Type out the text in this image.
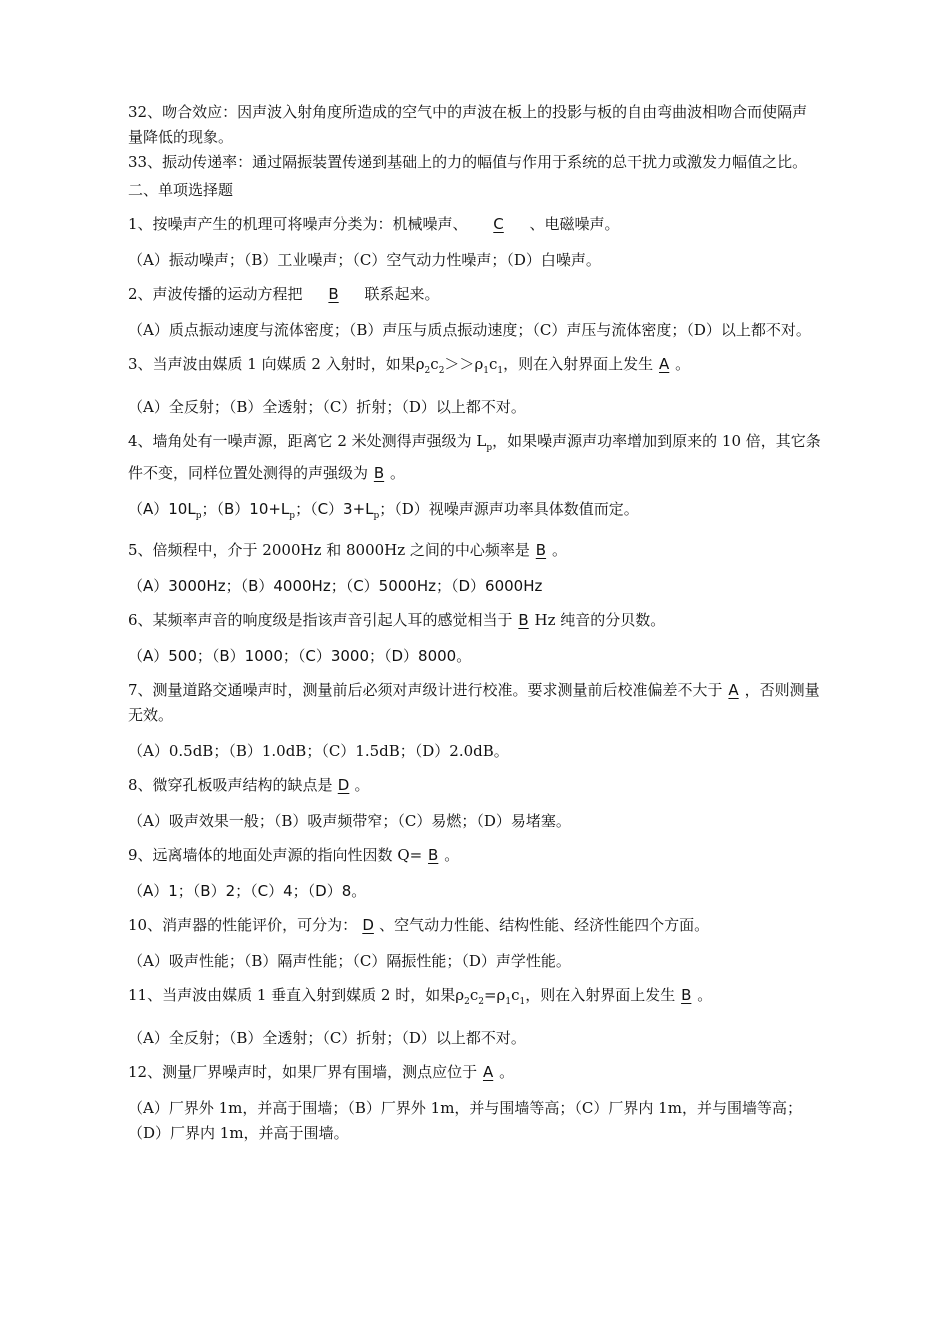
32、吻合效应：因声波入射角度所造成的空气中的声波在板上的投影与板的自由弯曲波相吻合而使隔声量降低的现象。

33、振动传递率：通过隔振装置传递到基础上的力的幅值与作用于系统的总干扰力或激发力幅值之比。

二、单项选择题

1、按噪声产生的机理可将噪声分类为：机械噪声、 C 、电磁噪声。

（A）振动噪声；（B）工业噪声；（C）空气动力性噪声；（D）白噪声。

2、声波传播的运动方程把 B 联系起来。

（A）质点振动速度与流体密度；（B）声压与质点振动速度；（C）声压与流体密度；（D）以上都不对。

3、当声波由媒质 1 向媒质 2 入射时，如果$\rho_2c_2>>\rho_1c_1$，则在入射界面上发生 A 。

（A）全反射；（B）全透射；（C）折射；（D）以上都不对。

4、墙角处有一噪声源，距离它 2 米处测得声强级为 $L_p$，如果噪声源声功率增加到原来的 10 倍，其它条件不变，同样位置处测得的声强级为 B 。

$(A)10L_p$；$(B)10+L_p$；$(C)3+L_p$；（D）视噪声源声功率具体数值而定。

5、倍频程中，介于 2000Hz 和 8000Hz 之间的中心频率是 B 。

（A）3000Hz；（B）4000Hz；（C）5000Hz；（D）6000Hz

6、某频率声音的响度级是指该声音引起人耳的感觉相当于 B Hz 纯音的分贝数。

（A）500；（B）1000；（C）3000；（D）8000。

7、测量道路交通噪声时，测量前后必须对声级计进行校准。要求测量前后校准偏差不大于 A ，否则测量无效。

（A）0.5dB；（B）1.0dB；（C）1.5dB；（D）2.0dB。

8、微穿孔板吸声结构的缺点是 D 。

（A）吸声效果一般；（B）吸声频带窄；（C）易燃；（D）易堵塞。

9、远离墙体的地面处声源的指向性因数 Q= B 。

（A）1；（B）2；（C）4；（D）8。

10、消声器的性能评价，可分为： D 、空气动力性能、结构性能、经济性能四个方面。

（A）吸声性能；（B）隔声性能；（C）隔振性能；（D）声学性能。

11、当声波由媒质 1 垂直入射到媒质 2 时，如果$\rho_2c_2=\rho_1c_1$，则在入射界面上发生 B 。

（A）全反射；（B）全透射；（C）折射；（D）以上都不对。

12、测量厂界噪声时，如果厂界有围墙，测点应位于 A 。

（A）厂界外 1m，并高于围墙；（B）厂界外 1m，并与围墙等高；（C）厂界内 1m，并与围墙等高；（D）厂界内 1m，并高于围墙。
